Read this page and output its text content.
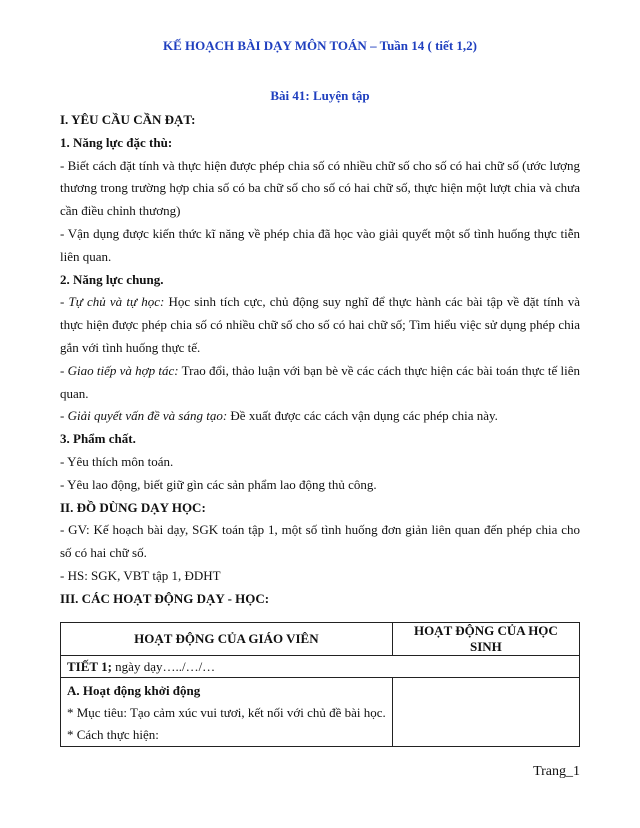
KẾ HOẠCH BÀI DẠY MÔN TOÁN – Tuần 14 ( tiết 1,2)
Bài 41: Luyện tập

I. YÊU CẦU CẦN ĐẠT:

1. Năng lực đặc thù:

- Biết cách đặt tính và thực hiện được phép chia số có nhiều chữ số cho số có hai chữ số (ước lượng thương trong trường hợp chia số có ba chữ số cho số có hai chữ số, thực hiện một lượt chia và chưa cần điều chỉnh thương)

- Vận dụng được kiến thức kĩ năng về phép chia đã học vào giải quyết một số tình huống thực tiễn liên quan.

2. Năng lực chung.

- Tự chủ và tự học: Học sinh tích cực, chủ động suy nghĩ để thực hành các bài tập về đặt tính và thực hiện được phép chia số có nhiều chữ số cho số có hai chữ số; Tìm hiểu việc sử dụng phép chia gắn với tình huống thực tế.

- Giao tiếp và hợp tác: Trao đổi, thảo luận với bạn bè về các cách thực hiện các bài toán thực tế liên quan.

- Giải quyết vấn đề và sáng tạo: Đề xuất được các cách vận dụng các phép chia này.

3. Phẩm chất.

- Yêu thích môn toán.

- Yêu lao động, biết giữ gìn các sản phẩm lao động thủ công.

II. ĐỒ DÙNG DẠY HỌC:

- GV: Kế hoạch bài dạy, SGK toán tập 1, một số tình huống đơn giản liên quan đến phép chia cho số có hai chữ số.

- HS: SGK, VBT tập 1, ĐDHT

III. CÁC HOẠT ĐỘNG DẠY - HỌC:

HOẠT ĐỘNG CỦA GIÁO VIÊN	HOẠT ĐỘNG CỦA HỌC SINH
TIẾT 1; ngày dạy…../…/…	

A. Hoạt động khởi động
* Mục tiêu: Tạo cảm xúc vui tươi, kết nối với chủ đề bài học.
* Cách thực hiện:	

Trang_1
